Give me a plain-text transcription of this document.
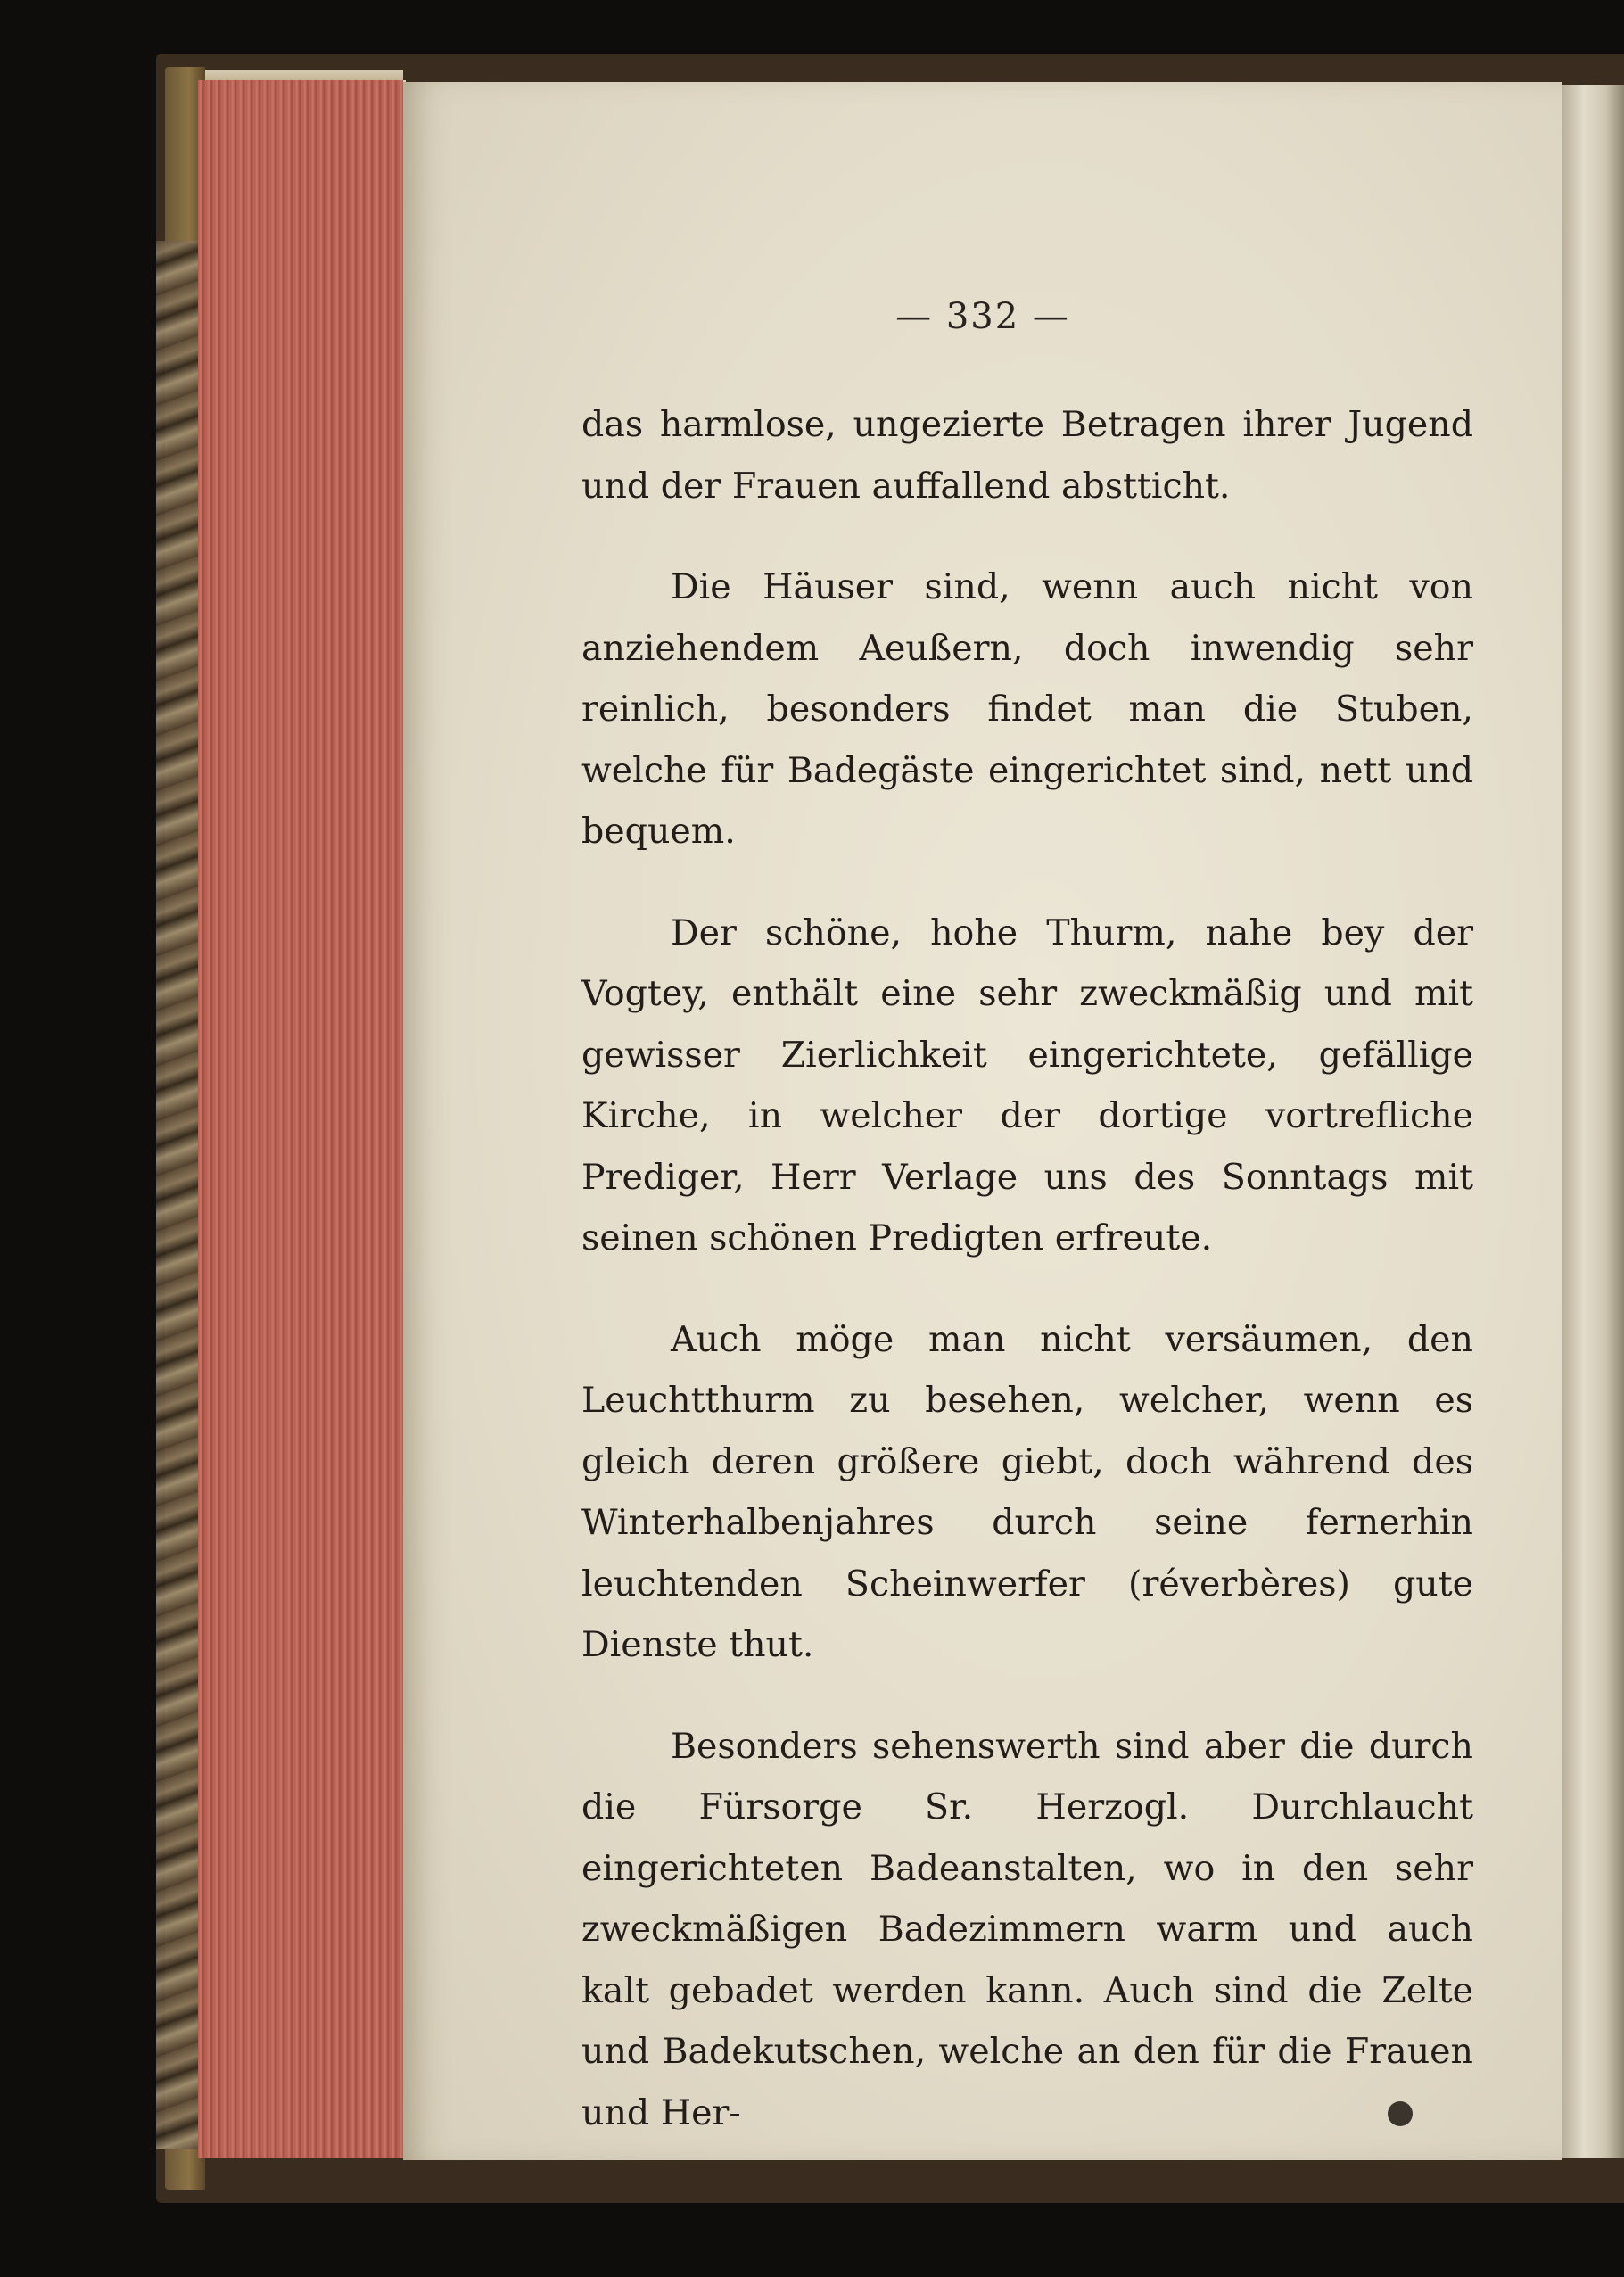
— 332 —

das harmlose, ungezierte Betragen ihrer Jugend und der Frauen auffallend abstticht.

Die Häuser sind, wenn auch nicht von anziehendem Aeußern, doch inwendig sehr reinlich, besonders findet man die Stuben, welche für Badegäste eingerichtet sind, nett und bequem.

Der schöne, hohe Thurm, nahe bey der Vogtey, enthält eine sehr zweckmäßig und mit gewisser Zierlichkeit eingerichtete, gefällige Kirche, in welcher der dortige vortrefliche Prediger, Herr Verlage uns des Sonntags mit seinen schönen Predigten erfreute.

Auch möge man nicht versäumen, den Leuchtthurm zu besehen, welcher, wenn es gleich deren größere giebt, doch während des Winterhalbenjahres durch seine fernerhin leuchtenden Scheinwerfer (réverbères) gute Dienste thut.

Besonders sehenswerth sind aber die durch die Fürsorge Sr. Herzogl. Durchlaucht eingerichteten Badeanstalten, wo in den sehr zweckmäßigen Badezimmern warm und auch kalt gebadet werden kann. Auch sind die Zelte und Badekutschen, welche an den für die Frauen und Her-
